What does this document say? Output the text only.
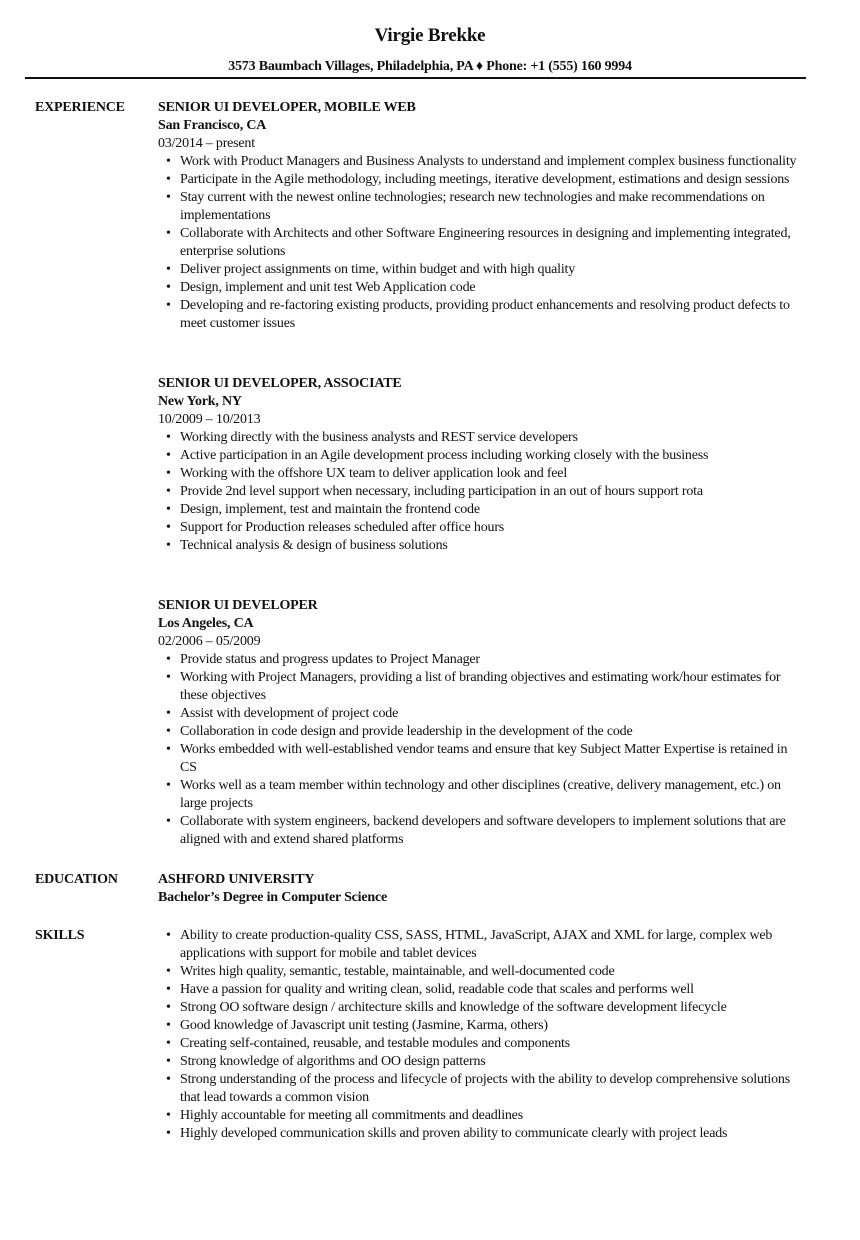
Virgie Brekke
3573 Baumbach Villages, Philadelphia, PA ♦ Phone: +1 (555) 160 9994
EXPERIENCE SENIOR UI DEVELOPER, MOBILE WEB
San Francisco, CA
03/2014 – present
• Work with Product Managers and Business Analysts to understand and implement complex business functionality
• Participate in the Agile methodology, including meetings, iterative development, estimations and design sessions
• Stay current with the newest online technologies; research new technologies and make recommendations on implementations
• Collaborate with Architects and other Software Engineering resources in designing and implementing integrated, enterprise solutions
• Deliver project assignments on time, within budget and with high quality
• Design, implement and unit test Web Application code
• Developing and re-factoring existing products, providing product enhancements and resolving product defects to meet customer issues
SENIOR UI DEVELOPER, ASSOCIATE
New York, NY
10/2009 – 10/2013
• Working directly with the business analysts and REST service developers
• Active participation in an Agile development process including working closely with the business
• Working with the offshore UX team to deliver application look and feel
• Provide 2nd level support when necessary, including participation in an out of hours support rota
• Design, implement, test and maintain the frontend code
• Support for Production releases scheduled after office hours
• Technical analysis & design of business solutions
SENIOR UI DEVELOPER
Los Angeles, CA
02/2006 – 05/2009
• Provide status and progress updates to Project Manager
• Working with Project Managers, providing a list of branding objectives and estimating work/hour estimates for these objectives
• Assist with development of project code
• Collaboration in code design and provide leadership in the development of the code
• Works embedded with well-established vendor teams and ensure that key Subject Matter Expertise is retained in CS
• Works well as a team member within technology and other disciplines (creative, delivery management, etc.) on large projects
• Collaborate with system engineers, backend developers and software developers to implement solutions that are aligned with and extend shared platforms
EDUCATION	ASHFORD UNIVERSITY
Bachelor’s Degree in Computer Science
SKILLS	• Ability to create production-quality CSS, SASS, HTML, JavaScript, AJAX and XML for large, complex web applications with support for mobile and tablet devices
• Writes high quality, semantic, testable, maintainable, and well-documented code
• Have a passion for quality and writing clean, solid, readable code that scales and performs well
• Strong OO software design / architecture skills and knowledge of the software development lifecycle
• Good knowledge of Javascript unit testing (Jasmine, Karma, others)
• Creating self-contained, reusable, and testable modules and components
• Strong knowledge of algorithms and OO design patterns
• Strong understanding of the process and lifecycle of projects with the ability to develop comprehensive solutions that lead towards a common vision
• Highly accountable for meeting all commitments and deadlines
• Highly developed communication skills and proven ability to communicate clearly with project leads
